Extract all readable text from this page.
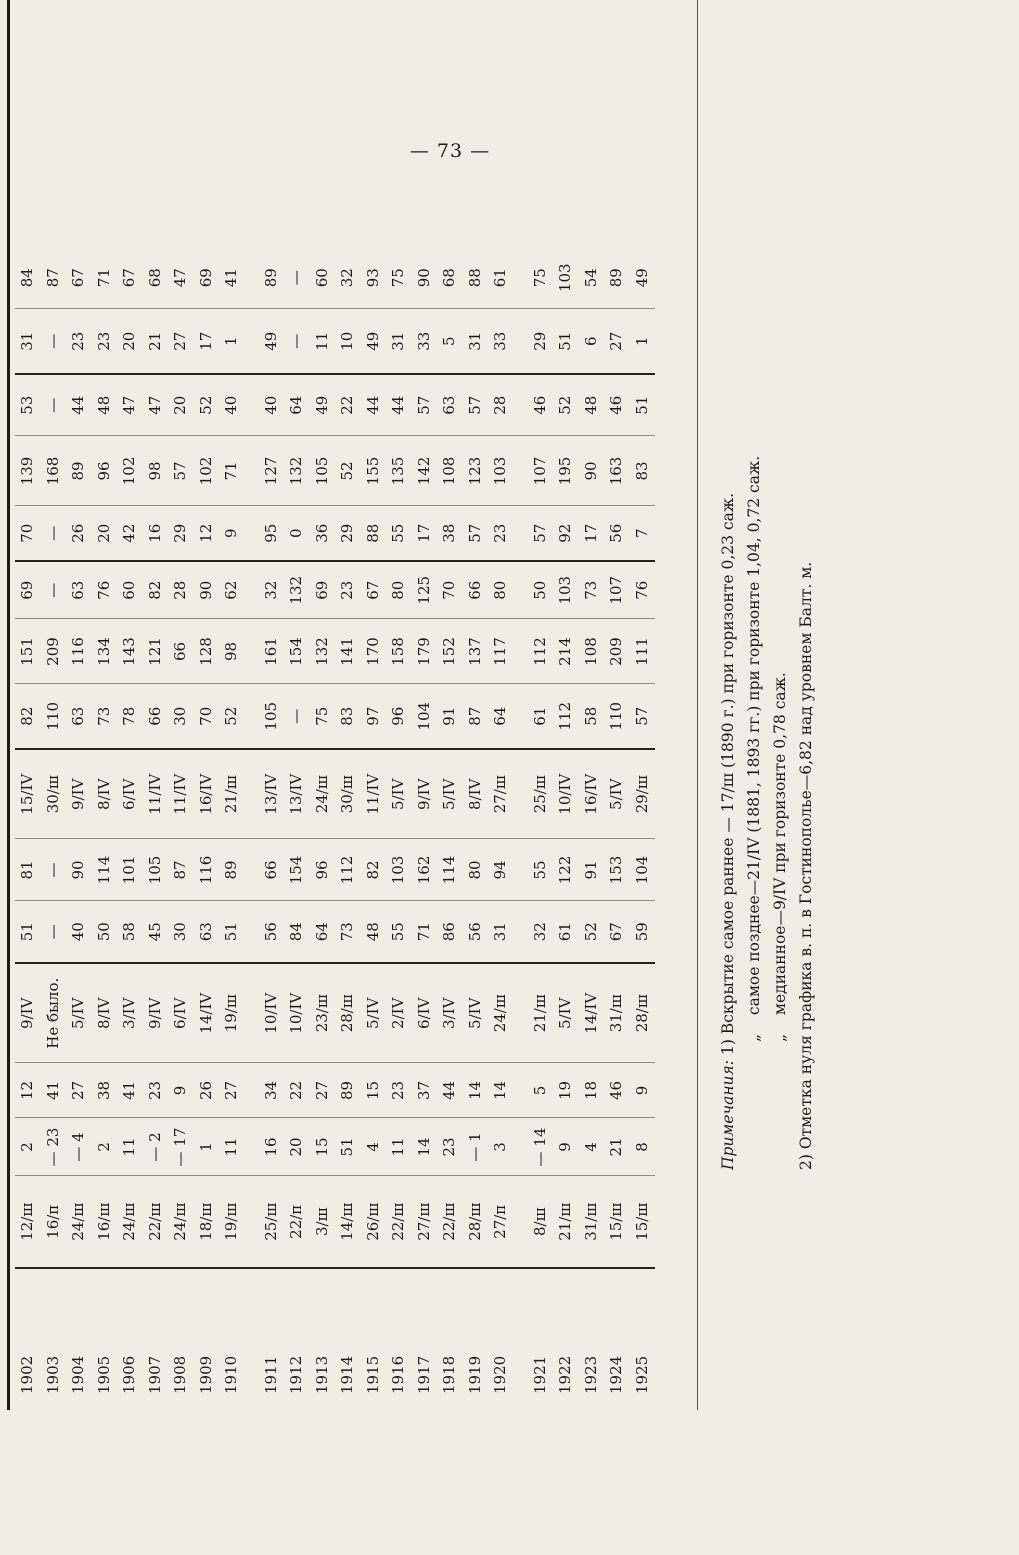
— 73 —
1902	12/ш	2	12	9/IV	51	81	15/IV	82	151	69	70	139	53	31	84
1903	16/п	— 23	41	Не было.	—	—	30/ш	110	209	—	—	168	—	—	87
1904	24/ш	— 4	27	5/IV	40	90	9/IV	63	116	63	26	89	44	23	67
1905	16/ш	2	38	8/IV	50	114	8/IV	73	134	76	20	96	48	23	71
1906	24/ш	11	41	3/IV	58	101	6/IV	78	143	60	42	102	47	20	67
1907	22/ш	— 2	23	9/IV	45	105	11/IV	66	121	82	16	98	47	21	68
1908	24/ш	— 17	9	6/IV	30	87	11/IV	30	66	28	29	57	20	27	47
1909	18/ш	1	26	14/IV	63	116	16/IV	70	128	90	12	102	52	17	69
1910	19/ш	11	27	19/ш	51	89	21/ш	52	98	62	9	71	40	1	41
1911	25/ш	16	34	10/IV	56	66	13/IV	105	161	32	95	127	40	49	89
1912	22/п	20	22	10/IV	84	154	13/IV	—	154	132	0	132	64	—	—
1913	3/ш	15	27	23/ш	64	96	24/ш	75	132	69	36	105	49	11	60
1914	14/ш	51	89	28/ш	73	112	30/ш	83	141	23	29	52	22	10	32
1915	26/ш	4	15	5/IV	48	82	11/IV	97	170	67	88	155	44	49	93
1916	22/ш	11	23	2/IV	55	103	5/IV	96	158	80	55	135	44	31	75
1917	27/ш	14	37	6/IV	71	162	9/IV	104	179	125	17	142	57	33	90
1918	22/ш	23	44	3/IV	86	114	5/IV	91	152	70	38	108	63	5	68
1919	28/ш	— 1	14	5/IV	56	80	8/IV	87	137	66	57	123	57	31	88
1920	27/п	3	14	24/ш	31	94	27/ш	64	117	80	23	103	28	33	61
1921	8/ш	— 14	5	21/ш	32	55	25/ш	61	112	50	57	107	46	29	75
1922	21/ш	9	19	5/IV	61	122	10/IV	112	214	103	92	195	52	51	103
1923	31/ш	4	18	14/IV	52	91	16/IV	58	108	73	17	90	48	6	54
1924	15/ш	21	46	31/ш	67	153	5/IV	110	209	107	56	163	46	27	89
1925	15/ш	8	9	28/ш	59	104	29/ш	57	111	76	7	83	51	1	49
Примечания: 1) Вскрытие самое раннее — 17/ш (1890 г.) при горизонте 0,23 саж. „ самое позднее—21/IV (1881, 1893 гг.) при горизонте 1,04, 0,72 саж.
„ медианное—9/IV при горизонте 0,78 саж. 2) Отметка нуля графика в. п. в Гостинополье—6,82 над уровнем Балт. м.
